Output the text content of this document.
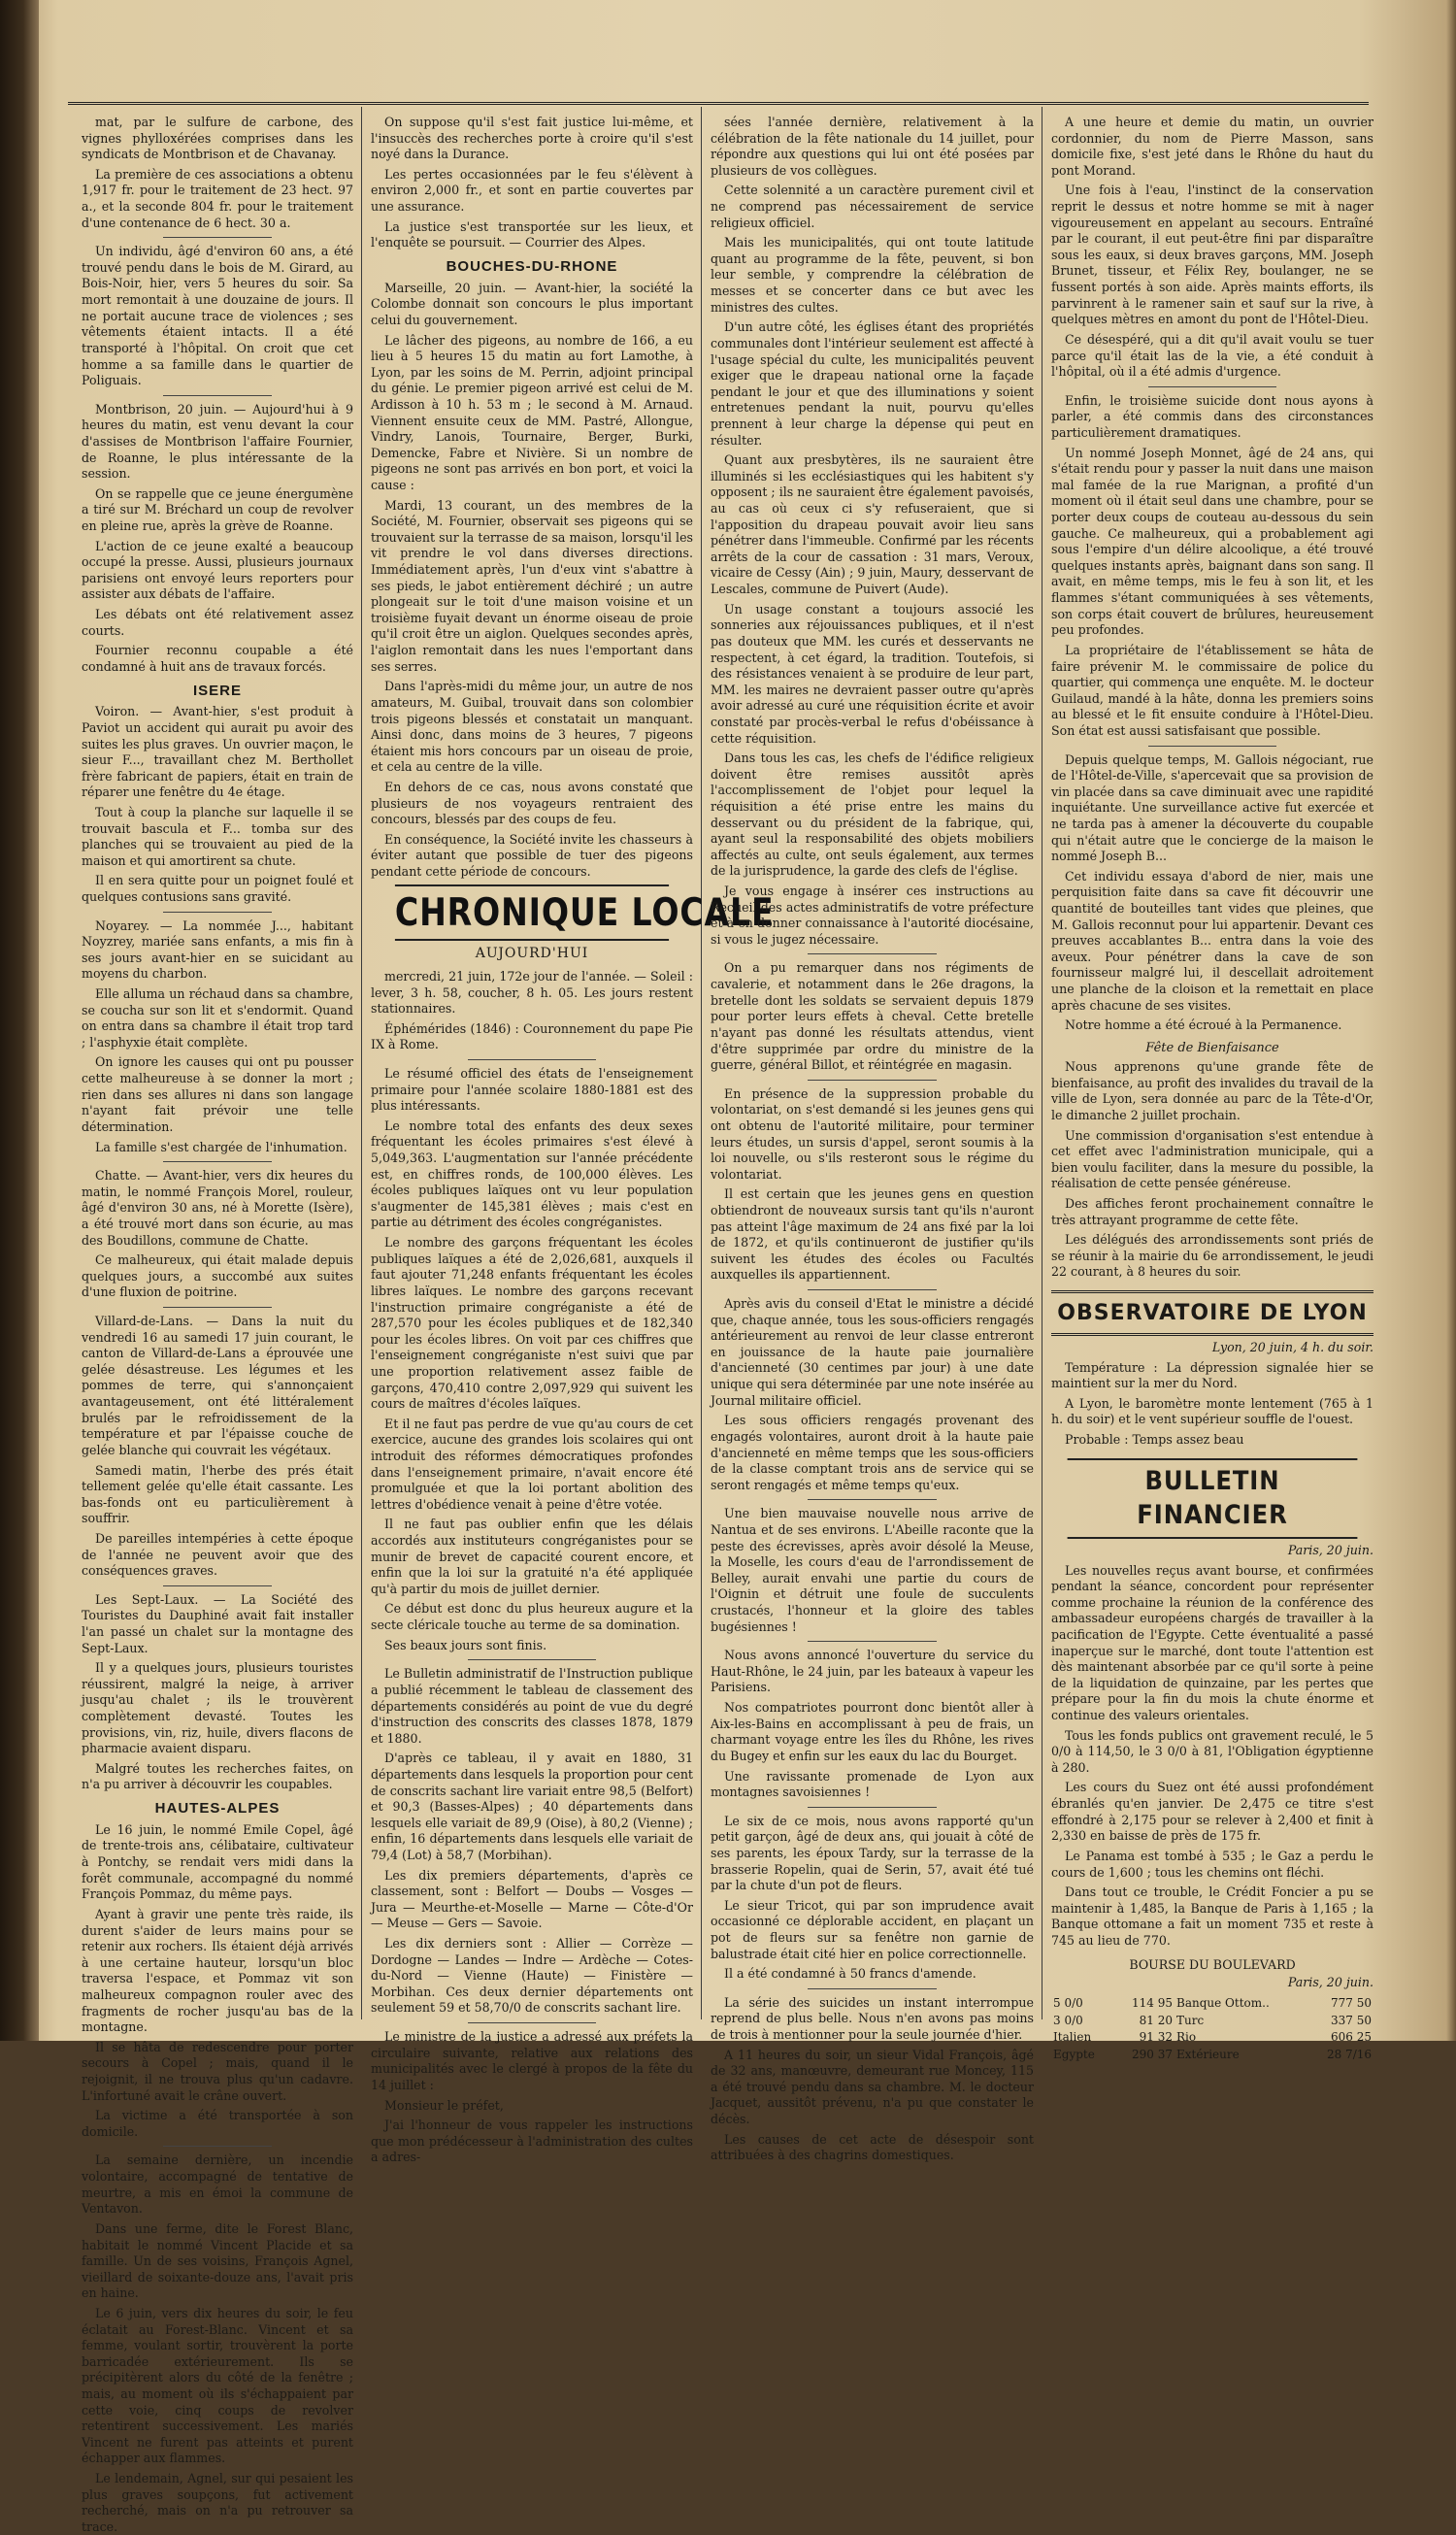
mat, par le sulfure de carbone, des vignes phylloxérées comprises dans les syndicats de Montbrison et de Chavanay.

La première de ces associations a obtenu 1,917 fr. pour le traitement de 23 hect. 97 a., et la seconde 804 fr. pour le traitement d'une contenance de 6 hect. 30 a.

Un individu, âgé d'environ 60 ans, a été trouvé pendu dans le bois de M. Girard, au Bois-Noir, hier, vers 5 heures du soir. Sa mort remontait à une douzaine de jours. Il ne portait aucune trace de violences ; ses vêtements étaient intacts. Il a été transporté à l'hôpital. On croit que cet homme a sa famille dans le quartier de Poliguais.

Montbrison, 20 juin. — Aujourd'hui à 9 heures du matin, est venu devant la cour d'assises de Montbrison l'affaire Fournier, de Roanne, le plus intéressante de la session.

On se rappelle que ce jeune énergumène a tiré sur M. Bréchard un coup de revolver en pleine rue, après la grève de Roanne.

L'action de ce jeune exalté a beaucoup occupé la presse. Aussi, plusieurs journaux parisiens ont envoyé leurs reporters pour assister aux débats de l'affaire.

Les débats ont été relativement assez courts.

Fournier reconnu coupable a été condamné à huit ans de travaux forcés.

ISERE

Voiron. — Avant-hier, s'est produit à Paviot un accident qui aurait pu avoir des suites les plus graves. Un ouvrier maçon, le sieur F..., travaillant chez M. Berthollet frère fabricant de papiers, était en train de réparer une fenêtre du 4e étage.

Tout à coup la planche sur laquelle il se trouvait bascula et F... tomba sur des planches qui se trouvaient au pied de la maison et qui amortirent sa chute.

Il en sera quitte pour un poignet foulé et quelques contusions sans gravité.

Noyarey. — La nommée J..., habitant Noyzrey, mariée sans enfants, a mis fin à ses jours avant-hier en se suicidant au moyens du charbon.

Elle alluma un réchaud dans sa chambre, se coucha sur son lit et s'endormit. Quand on entra dans sa chambre il était trop tard ; l'asphyxie était complète.

On ignore les causes qui ont pu pousser cette malheureuse à se donner la mort ; rien dans ses allures ni dans son langage n'ayant fait prévoir une telle détermination.

La famille s'est chargée de l'inhumation.

Chatte. — Avant-hier, vers dix heures du matin, le nommé François Morel, rouleur, âgé d'environ 30 ans, né à Morette (Isère), a été trouvé mort dans son écurie, au mas des Boudillons, commune de Chatte.

Ce malheureux, qui était malade depuis quelques jours, a succombé aux suites d'une fluxion de poitrine.

Villard-de-Lans. — Dans la nuit du vendredi 16 au samedi 17 juin courant, le canton de Villard-de-Lans a éprouvée une gelée désastreuse. Les légumes et les pommes de terre, qui s'annonçaient avantageusement, ont été littéralement brulés par le refroidissement de la température et par l'épaisse couche de gelée blanche qui couvrait les végétaux.

Samedi matin, l'herbe des prés était tellement gelée qu'elle était cassante. Les bas-fonds ont eu particulièrement à souffrir.

De pareilles intempéries à cette époque de l'année ne peuvent avoir que des conséquences graves.

Les Sept-Laux. — La Société des Touristes du Dauphiné avait fait installer l'an passé un chalet sur la montagne des Sept-Laux.

Il y a quelques jours, plusieurs touristes réussirent, malgré la neige, à arriver jusqu'au chalet ; ils le trouvèrent complètement devasté. Toutes les provisions, vin, riz, huile, divers flacons de pharmacie avaient disparu.

Malgré toutes les recherches faites, on n'a pu arriver à découvrir les coupables.

HAUTES-ALPES

Le 16 juin, le nommé Emile Copel, âgé de trente-trois ans, célibataire, cultivateur à Pontchy, se rendait vers midi dans la forêt communale, accompagné du nommé François Pommaz, du même pays.

Ayant à gravir une pente très raide, ils durent s'aider de leurs mains pour se retenir aux rochers. Ils étaient déjà arrivés à une certaine hauteur, lorsqu'un bloc traversa l'espace, et Pommaz vit son malheureux compagnon rouler avec des fragments de rocher jusqu'au bas de la montagne.

Il se hâta de redescendre pour porter secours à Copel ; mais, quand il le rejoignit, il ne trouva plus qu'un cadavre. L'infortuné avait le crâne ouvert.

La victime a été transportée à son domicile.

La semaine dernière, un incendie volontaire, accompagné de tentative de meurtre, a mis en émoi la commune de Ventavon.

Dans une ferme, dite le Forest Blanc, habitait le nommé Vincent Placide et sa famille. Un de ses voisins, François Agnel, vieillard de soixante-douze ans, l'avait pris en haine.

Le 6 juin, vers dix heures du soir, le feu éclatait au Forest-Blanc. Vincent et sa femme, voulant sortir, trouvèrent la porte barricadée extérieurement. Ils se précipitèrent alors du côté de la fenêtre ; mais, au moment où ils s'échappaient par cette voie, cinq coups de revolver retentirent successivement. Les mariés Vincent ne furent pas atteints et purent échapper aux flammes.

Le lendemain, Agnel, sur qui pesaient les plus graves soupçons, fut activement recherché, mais on n'a pu retrouver sa trace.

On suppose qu'il s'est fait justice lui-même, et l'insuccès des recherches porte à croire qu'il s'est noyé dans la Durance.

Les pertes occasionnées par le feu s'élèvent à environ 2,000 fr., et sont en partie couvertes par une assurance.

La justice s'est transportée sur les lieux, et l'enquête se poursuit. — Courrier des Alpes.

BOUCHES-DU-RHONE

Marseille, 20 juin. — Avant-hier, la société la Colombe donnait son concours le plus important celui du gouvernement.

Le lâcher des pigeons, au nombre de 166, a eu lieu à 5 heures 15 du matin au fort Lamothe, à Lyon, par les soins de M. Perrin, adjoint principal du génie. Le premier pigeon arrivé est celui de M. Ardisson à 10 h. 53 m ; le second à M. Arnaud. Viennent ensuite ceux de MM. Pastré, Allongue, Vindry, Lanois, Tournaire, Berger, Burki, Demencke, Fabre et Nivière. Si un nombre de pigeons ne sont pas arrivés en bon port, et voici la cause :

Mardi, 13 courant, un des membres de la Société, M. Fournier, observait ses pigeons qui se trouvaient sur la terrasse de sa maison, lorsqu'il les vit prendre le vol dans diverses directions. Immédiatement après, l'un d'eux vint s'abattre à ses pieds, le jabot entièrement déchiré ; un autre plongeait sur le toit d'une maison voisine et un troisième fuyait devant un énorme oiseau de proie qu'il croit être un aiglon. Quelques secondes après, l'aiglon remontait dans les nues l'emportant dans ses serres.

Dans l'après-midi du même jour, un autre de nos amateurs, M. Guibal, trouvait dans son colombier trois pigeons blessés et constatait un manquant. Ainsi donc, dans moins de 3 heures, 7 pigeons étaient mis hors concours par un oiseau de proie, et cela au centre de la ville.

En dehors de ce cas, nous avons constaté que plusieurs de nos voyageurs rentraient des concours, blessés par des coups de feu.

En conséquence, la Société invite les chasseurs à éviter autant que possible de tuer des pigeons pendant cette période de concours.

CHRONIQUE LOCALE
AUJOURD'HUI

mercredi, 21 juin, 172e jour de l'année. — Soleil : lever, 3 h. 58, coucher, 8 h. 05. Les jours restent stationnaires.

Éphémérides (1846) : Couronnement du pape Pie IX à Rome.

Le résumé officiel des états de l'enseignement primaire pour l'année scolaire 1880-1881 est des plus intéressants.

Le nombre total des enfants des deux sexes fréquentant les écoles primaires s'est élevé à 5,049,363. L'augmentation sur l'année précédente est, en chiffres ronds, de 100,000 élèves. Les écoles publiques laïques ont vu leur population s'augmenter de 145,381 élèves ; mais c'est en partie au détriment des écoles congréganistes.

Le nombre des garçons fréquentant les écoles publiques laïques a été de 2,026,681, auxquels il faut ajouter 71,248 enfants fréquentant les écoles libres laïques. Le nombre des garçons recevant l'instruction primaire congréganiste a été de 287,570 pour les écoles publiques et de 182,340 pour les écoles libres. On voit par ces chiffres que l'enseignement congréganiste n'est suivi que par une proportion relativement assez faible de garçons, 470,410 contre 2,097,929 qui suivent les cours de maîtres d'écoles laïques.

Et il ne faut pas perdre de vue qu'au cours de cet exercice, aucune des grandes lois scolaires qui ont introduit des réformes démocratiques profondes dans l'enseignement primaire, n'avait encore été promulguée et que la loi portant abolition des lettres d'obédience venait à peine d'être votée.

Il ne faut pas oublier enfin que les délais accordés aux instituteurs congréganistes pour se munir de brevet de capacité courent encore, et enfin que la loi sur la gratuité n'a été appliquée qu'à partir du mois de juillet dernier.

Ce début est donc du plus heureux augure et la secte cléricale touche au terme de sa domination.

Ses beaux jours sont finis.

Le Bulletin administratif de l'Instruction publique a publié récemment le tableau de classement des départements considérés au point de vue du degré d'instruction des conscrits des classes 1878, 1879 et 1880.

D'après ce tableau, il y avait en 1880, 31 départements dans lesquels la proportion pour cent de conscrits sachant lire variait entre 98,5 (Belfort) et 90,3 (Basses-Alpes) ; 40 départements dans lesquels elle variait de 89,9 (Oise), à 80,2 (Vienne) ; enfin, 16 départements dans lesquels elle variait de 79,4 (Lot) à 58,7 (Morbihan).

Les dix premiers départements, d'après ce classement, sont : Belfort — Doubs — Vosges — Jura — Meurthe-et-Moselle — Marne — Côte-d'Or — Meuse — Gers — Savoie.

Les dix derniers sont : Allier — Corrèze — Dordogne — Landes — Indre — Ardèche — Cotes-du-Nord — Vienne (Haute) — Finistère — Morbihan. Ces deux dernier départements ont seulement 59 et 58,70/0 de conscrits sachant lire.

Le ministre de la justice a adressé aux préfets la circulaire suivante, relative aux relations des municipalités avec le clergé à propos de la fête du 14 juillet :

Monsieur le préfet,

J'ai l'honneur de vous rappeler les instructions que mon prédécesseur à l'administration des cultes a adres-

sées l'année dernière, relativement à la célébration de la fête nationale du 14 juillet, pour répondre aux questions qui lui ont été posées par plusieurs de vos collègues.

Cette solennité a un caractère purement civil et ne comprend pas nécessairement de service religieux officiel.

Mais les municipalités, qui ont toute latitude quant au programme de la fête, peuvent, si bon leur semble, y comprendre la célébration de messes et se concerter dans ce but avec les ministres des cultes.

D'un autre côté, les églises étant des propriétés communales dont l'intérieur seulement est affecté à l'usage spécial du culte, les municipalités peuvent exiger que le drapeau national orne la façade pendant le jour et que des illuminations y soient entretenues pendant la nuit, pourvu qu'elles prennent à leur charge la dépense qui peut en résulter.

Quant aux presbytères, ils ne sauraient être illuminés si les ecclésiastiques qui les habitent s'y opposent ; ils ne sauraient être également pavoisés, au cas où ceux ci s'y refuseraient, que si l'apposition du drapeau pouvait avoir lieu sans pénétrer dans l'immeuble. Confirmé par les récents arrêts de la cour de cassation : 31 mars, Veroux, vicaire de Cessy (Ain) ; 9 juin, Maury, desservant de Lescales, commune de Puivert (Aude).

Un usage constant a toujours associé les sonneries aux réjouissances publiques, et il n'est pas douteux que MM. les curés et desservants ne respectent, à cet égard, la tradition. Toutefois, si des résistances venaient à se produire de leur part, MM. les maires ne devraient passer outre qu'après avoir adressé au curé une réquisition écrite et avoir constaté par procès-verbal le refus d'obéissance à cette réquisition.

Dans tous les cas, les chefs de l'édifice religieux doivent être remises aussitôt après l'accomplissement de l'objet pour lequel la réquisition a été prise entre les mains du desservant ou du président de la fabrique, qui, ayant seul la responsabilité des objets mobiliers affectés au culte, ont seuls également, aux termes de la jurisprudence, la garde des clefs de l'église.

Je vous engage à insérer ces instructions au Recueil des actes administratifs de votre préfecture et à en donner connaissance à l'autorité diocésaine, si vous le jugez nécessaire.

On a pu remarquer dans nos régiments de cavalerie, et notamment dans le 26e dragons, la bretelle dont les soldats se servaient depuis 1879 pour porter leurs effets à cheval. Cette bretelle n'ayant pas donné les résultats attendus, vient d'être supprimée par ordre du ministre de la guerre, général Billot, et réintégrée en magasin.

En présence de la suppression probable du volontariat, on s'est demandé si les jeunes gens qui ont obtenu de l'autorité militaire, pour terminer leurs études, un sursis d'appel, seront soumis à la loi nouvelle, ou s'ils resteront sous le régime du volontariat.

Il est certain que les jeunes gens en question obtiendront de nouveaux sursis tant qu'ils n'auront pas atteint l'âge maximum de 24 ans fixé par la loi de 1872, et qu'ils continueront de justifier qu'ils suivent les études des écoles ou Facultés auxquelles ils appartiennent.

Après avis du conseil d'Etat le ministre a décidé que, chaque année, tous les sous-officiers rengagés antérieurement au renvoi de leur classe entreront en jouissance de la haute paie journalière d'ancienneté (30 centimes par jour) à une date unique qui sera déterminée par une note insérée au Journal militaire officiel.

Les sous officiers rengagés provenant des engagés volontaires, auront droit à la haute paie d'ancienneté en même temps que les sous-officiers de la classe comptant trois ans de service qui se seront rengagés et même temps qu'eux.

Une bien mauvaise nouvelle nous arrive de Nantua et de ses environs. L'Abeille raconte que la peste des écrevisses, après avoir désolé la Meuse, la Moselle, les cours d'eau de l'arrondissement de Belley, aurait envahi une partie du cours de l'Oignin et détruit une foule de succulents crustacés, l'honneur et la gloire des tables bugésiennes !

Nous avons annoncé l'ouverture du service du Haut-Rhône, le 24 juin, par les bateaux à vapeur les Parisiens.

Nos compatriotes pourront donc bientôt aller à Aix-les-Bains en accomplissant à peu de frais, un charmant voyage entre les îles du Rhône, les rives du Bugey et enfin sur les eaux du lac du Bourget.

Une ravissante promenade de Lyon aux montagnes savoisiennes !

Le six de ce mois, nous avons rapporté qu'un petit garçon, âgé de deux ans, qui jouait à côté de ses parents, les époux Tardy, sur la terrasse de la brasserie Ropelin, quai de Serin, 57, avait été tué par la chute d'un pot de fleurs.

Le sieur Tricot, qui par son imprudence avait occasionné ce déplorable accident, en plaçant un pot de fleurs sur sa fenêtre non garnie de balustrade était cité hier en police correctionnelle.

Il a été condamné à 50 francs d'amende.

La série des suicides un instant interrompue reprend de plus belle. Nous n'en avons pas moins de trois à mentionner pour la seule journée d'hier.

A 11 heures du soir, un sieur Vidal François, âgé de 32 ans, manœuvre, demeurant rue Moncey, 115 a été trouvé pendu dans sa chambre. M. le docteur Jacquet, aussitôt prévenu, n'a pu que constater le décès.

Les causes de cet acte de désespoir sont attribuées à des chagrins domestiques.

A une heure et demie du matin, un ouvrier cordonnier, du nom de Pierre Masson, sans domicile fixe, s'est jeté dans le Rhône du haut du pont Morand.

Une fois à l'eau, l'instinct de la conservation reprit le dessus et notre homme se mit à nager vigoureusement en appelant au secours. Entraîné par le courant, il eut peut-être fini par disparaître sous les eaux, si deux braves garçons, MM. Joseph Brunet, tisseur, et Félix Rey, boulanger, ne se fussent portés à son aide. Après maints efforts, ils parvinrent à le ramener sain et sauf sur la rive, à quelques mètres en amont du pont de l'Hôtel-Dieu.

Ce désespéré, qui a dit qu'il avait voulu se tuer parce qu'il était las de la vie, a été conduit à l'hôpital, où il a été admis d'urgence.

Enfin, le troisième suicide dont nous ayons à parler, a été commis dans des circonstances particulièrement dramatiques.

Un nommé Joseph Monnet, âgé de 24 ans, qui s'était rendu pour y passer la nuit dans une maison mal famée de la rue Marignan, a profité d'un moment où il était seul dans une chambre, pour se porter deux coups de couteau au-dessous du sein gauche. Ce malheureux, qui a probablement agi sous l'empire d'un délire alcoolique, a été trouvé quelques instants après, baignant dans son sang. Il avait, en même temps, mis le feu à son lit, et les flammes s'étant communiquées à ses vêtements, son corps était couvert de brûlures, heureusement peu profondes.

La propriétaire de l'établissement se hâta de faire prévenir M. le commissaire de police du quartier, qui commença une enquête. M. le docteur Guilaud, mandé à la hâte, donna les premiers soins au blessé et le fit ensuite conduire à l'Hôtel-Dieu. Son état est aussi satisfaisant que possible.

Depuis quelque temps, M. Gallois négociant, rue de l'Hôtel-de-Ville, s'apercevait que sa provision de vin placée dans sa cave diminuait avec une rapidité inquiétante. Une surveillance active fut exercée et ne tarda pas à amener la découverte du coupable qui n'était autre que le concierge de la maison le nommé Joseph B...

Cet individu essaya d'abord de nier, mais une perquisition faite dans sa cave fit découvrir une quantité de bouteilles tant vides que pleines, que M. Gallois reconnut pour lui appartenir. Devant ces preuves accablantes B... entra dans la voie des aveux. Pour pénétrer dans la cave de son fournisseur malgré lui, il descellait adroitement une planche de la cloison et la remettait en place après chacune de ses visites.

Notre homme a été écroué à la Permanence.

Fête de Bienfaisance

Nous apprenons qu'une grande fête de bienfaisance, au profit des invalides du travail de la ville de Lyon, sera donnée au parc de la Tête-d'Or, le dimanche 2 juillet prochain.

Une commission d'organisation s'est entendue à cet effet avec l'administration municipale, qui a bien voulu faciliter, dans la mesure du possible, la réalisation de cette pensée généreuse.

Des affiches feront prochainement connaître le très attrayant programme de cette fête.

Les délégués des arrondissements sont priés de se réunir à la mairie du 6e arrondissement, le jeudi 22 courant, à 8 heures du soir.

OBSERVATOIRE DE LYON
Lyon, 20 juin, 4 h. du soir.

Température : La dépression signalée hier se maintient sur la mer du Nord.

A Lyon, le baromètre monte lentement (765 à 1 h. du soir) et le vent supérieur souffle de l'ouest.

Probable : Temps assez beau

BULLETIN FINANCIER
Paris, 20 juin.

Les nouvelles reçus avant bourse, et confirmées pendant la séance, concordent pour représenter comme prochaine la réunion de la conférence des ambassadeur européens chargés de travailler à la pacification de l'Egypte. Cette éventualité a passé inaperçue sur le marché, dont toute l'attention est dès maintenant absorbée par ce qu'il sorte à peine de la liquidation de quinzaine, par les pertes que prépare pour la fin du mois la chute énorme et continue des valeurs orientales.

Tous les fonds publics ont gravement reculé, le 5 0/0 à 114,50, le 3 0/0 à 81, l'Obligation égyptienne à 280.

Les cours du Suez ont été aussi profondément ébranlés qu'en janvier. De 2,475 ce titre s'est effondré à 2,175 pour se relever à 2,400 et finit à 2,330 en baisse de près de 175 fr.

Le Panama est tombé à 535 ; le Gaz a perdu le cours de 1,600 ; tous les chemins ont fléchi.

Dans tout ce trouble, le Crédit Foncier a pu se maintenir à 1,485, la Banque de Paris à 1,165 ; la Banque ottomane a fait un moment 735 et reste à 745 au lieu de 770.

BOURSE DU BOULEVARD
Paris, 20 juin.
5 0/0	114 95	Banque Ottom..	777 50
3 0/0	81 20	Turc	337 50
Italien	91 32	Rio	606 25
Egypte	290 37	Extérieure	28 7/16
